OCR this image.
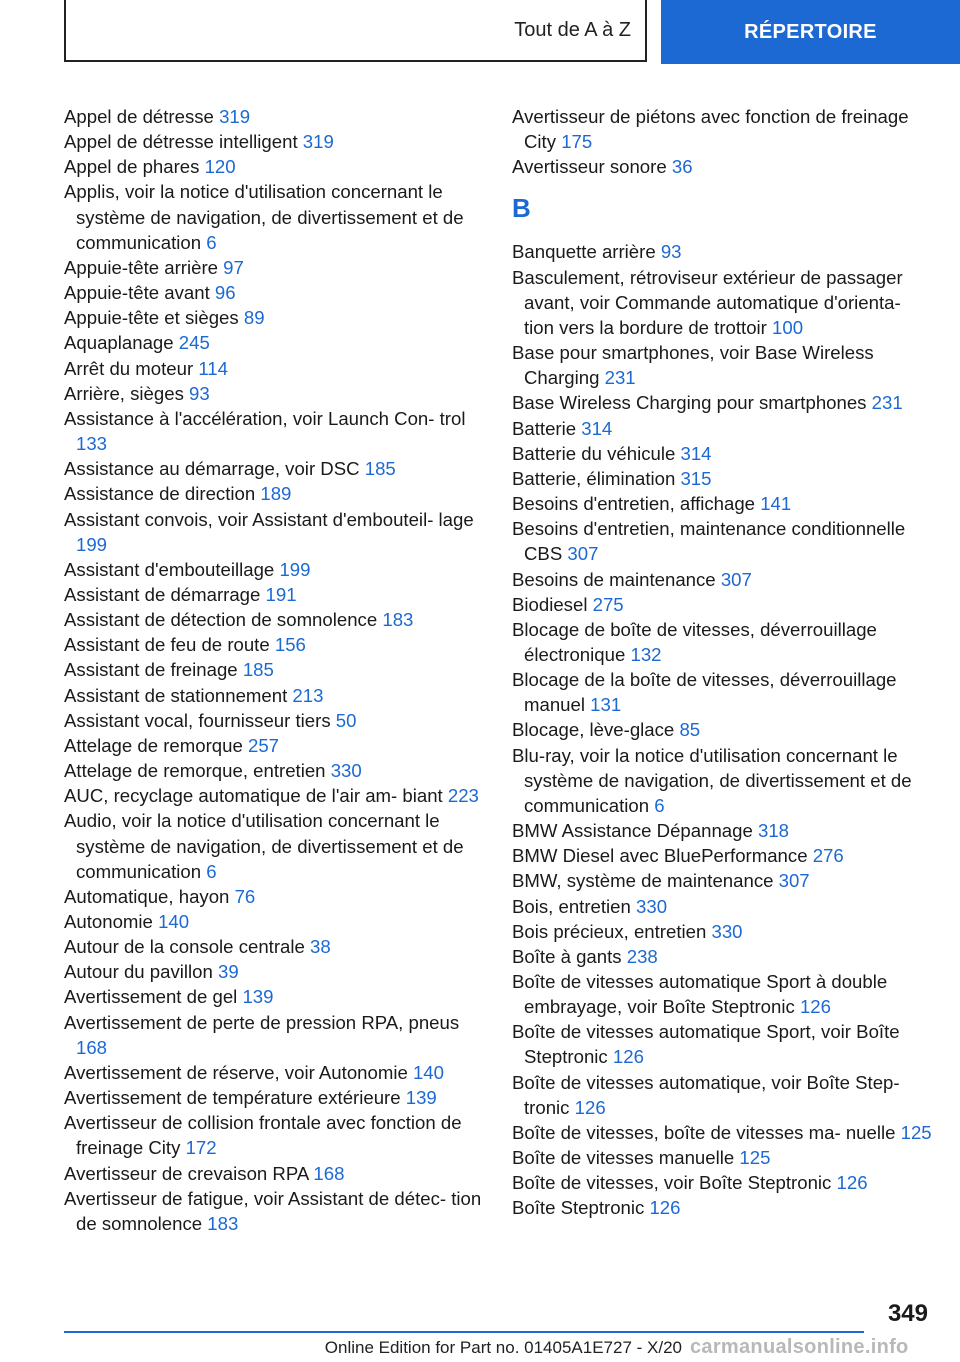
Tout de A à Z	RÉPERTOIRE

Appel de détresse 319

Appel de détresse intelligent 319

Appel de phares 120

Applis, voir la notice d'utilisation concernant le système de navigation, de divertissement et de communication 6

Appuie-tête arrière 97

Appuie-tête avant 96

Appuie-tête et sièges 89

Aquaplanage 245

Arrêt du moteur 114

Arrière, sièges 93

Assistance à l'accélération, voir Launch Con- trol 133

Assistance au démarrage, voir DSC 185

Assistance de direction 189

Assistant convois, voir Assistant d'embouteil- lage 199

Assistant d'embouteillage 199

Assistant de démarrage 191

Assistant de détection de somnolence 183

Assistant de feu de route 156

Assistant de freinage 185

Assistant de stationnement 213

Assistant vocal, fournisseur tiers 50

Attelage de remorque 257

Attelage de remorque, entretien 330

AUC, recyclage automatique de l'air am- biant 223

Audio, voir la notice d'utilisation concernant le système de navigation, de divertissement et de communication 6

Automatique, hayon 76

Autonomie 140

Autour de la console centrale 38

Autour du pavillon 39

Avertissement de gel 139

Avertissement de perte de pression RPA, pneus 168

Avertissement de réserve, voir Autonomie 140

Avertissement de température extérieure 139

Avertisseur de collision frontale avec fonction de freinage City 172

Avertisseur de crevaison RPA 168

Avertisseur de fatigue, voir Assistant de détec- tion de somnolence 183

Avertisseur de piétons avec fonction de freinage City 175

Avertisseur sonore 36

B

Banquette arrière 93

Basculement, rétroviseur extérieur de passager avant, voir Commande automatique d'orienta- tion vers la bordure de trottoir 100

Base pour smartphones, voir Base Wireless Charging 231

Base Wireless Charging pour smartphones 231

Batterie 314

Batterie du véhicule 314

Batterie, élimination 315

Besoins d'entretien, affichage 141

Besoins d'entretien, maintenance conditionnelle CBS 307

Besoins de maintenance 307

Biodiesel 275

Blocage de boîte de vitesses, déverrouillage électronique 132

Blocage de la boîte de vitesses, déverrouillage manuel 131

Blocage, lève-glace 85

Blu-ray, voir la notice d'utilisation concernant le système de navigation, de divertissement et de communication 6

BMW Assistance Dépannage 318

BMW Diesel avec BluePerformance 276

BMW, système de maintenance 307

Bois, entretien 330

Bois précieux, entretien 330

Boîte à gants 238

Boîte de vitesses automatique Sport à double embrayage, voir Boîte Steptronic 126

Boîte de vitesses automatique Sport, voir Boîte Steptronic 126

Boîte de vitesses automatique, voir Boîte Step- tronic 126

Boîte de vitesses, boîte de vitesses ma- nuelle 125

Boîte de vitesses manuelle 125

Boîte de vitesses, voir Boîte Steptronic 126

Boîte Steptronic 126

349
Online Edition for Part no. 01405A1E727 - X/20 carmanualsonline.info
